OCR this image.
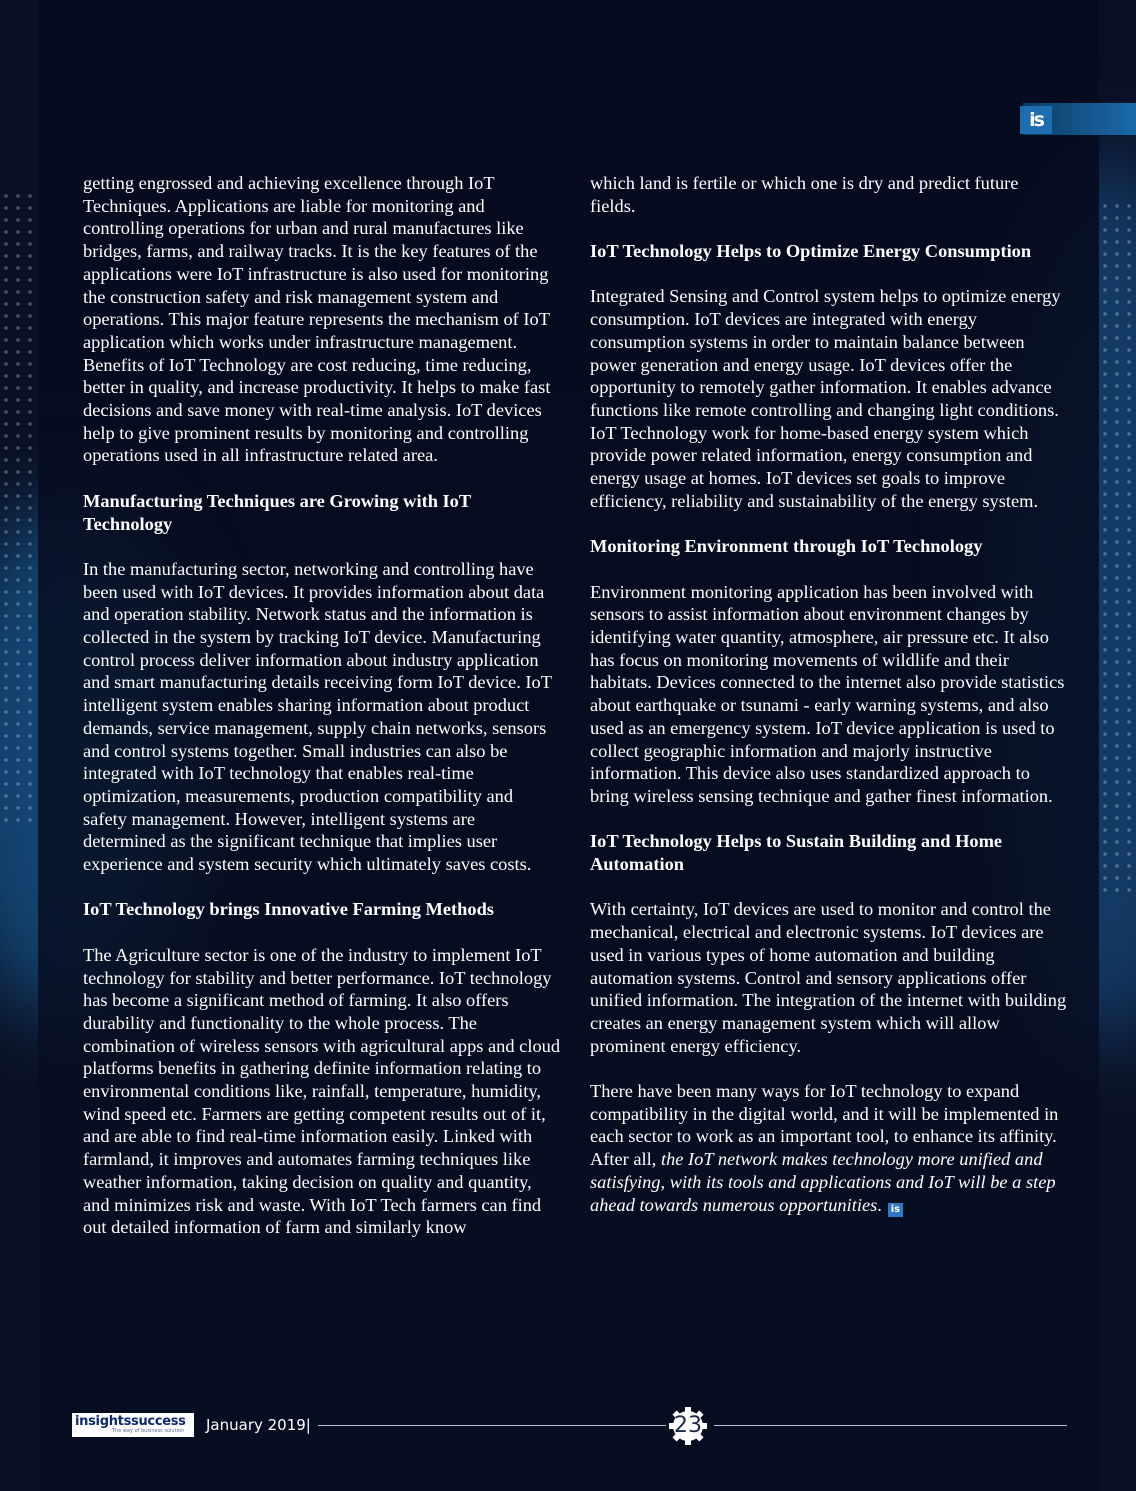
is

getting engrossed and achieving excellence through IoT Techniques. Applications are liable for monitoring and controlling operations for urban and rural manufactures like bridges, farms, and railway tracks. It is the key features of the applications were IoT infrastructure is also used for monitoring the construction safety and risk management system and operations. This major feature represents the mechanism of IoT application which works under infrastructure management. Benefits of IoT Technology are cost reducing, time reducing, better in quality, and increase productivity. It helps to make fast decisions and save money with real-time analysis. IoT devices help to give prominent results by monitoring and controlling operations used in all infrastructure related area.

Manufacturing Techniques are Growing with IoT Technology

In the manufacturing sector, networking and controlling have been used with IoT devices. It provides information about data and operation stability. Network status and the information is collected in the system by tracking IoT device. Manufacturing control process deliver information about industry application and smart manufacturing details receiving form IoT device. IoT intelligent system enables sharing information about product demands, service management, supply chain networks, sensors and control systems together. Small industries can also be integrated with IoT technology that enables real-time optimization, measurements, production compatibility and safety management. However, intelligent systems are determined as the significant technique that implies user experience and system security which ultimately saves costs.

IoT Technology brings Innovative Farming Methods

The Agriculture sector is one of the industry to implement IoT technology for stability and better performance. IoT technology has become a significant method of farming. It also offers durability and functionality to the whole process. The combination of wireless sensors with agricultural apps and cloud platforms benefits in gathering definite information relating to environmental conditions like, rainfall, temperature, humidity, wind speed etc. Farmers are getting competent results out of it, and are able to find real-time information easily. Linked with farmland, it improves and automates farming techniques like weather information, taking decision on quality and quantity, and minimizes risk and waste. With IoT Tech farmers can find out detailed information of farm and similarly know

which land is fertile or which one is dry and predict future fields.

IoT Technology Helps to Optimize Energy Consumption

Integrated Sensing and Control system helps to optimize energy consumption. IoT devices are integrated with energy consumption systems in order to maintain balance between power generation and energy usage. IoT devices offer the opportunity to remotely gather information. It enables advance functions like remote controlling and changing light conditions. IoT Technology work for home-based energy system which provide power related information, energy consumption and energy usage at homes. IoT devices set goals to improve efficiency, reliability and sustainability of the energy system.

Monitoring Environment through IoT Technology

Environment monitoring application has been involved with sensors to assist information about environment changes by identifying water quantity, atmosphere, air pressure etc. It also has focus on monitoring movements of wildlife and their habitats. Devices connected to the internet also provide statistics about earthquake or tsunami - early warning systems, and also used as an emergency system. IoT device application is used to collect geographic information and majorly instructive information. This device also uses standardized approach to bring wireless sensing technique and gather finest information.

IoT Technology Helps to Sustain Building and Home Automation

With certainty, IoT devices are used to monitor and control the mechanical, electrical and electronic systems. IoT devices are used in various types of home automation and building automation systems. Control and sensory applications offer unified information. The integration of the internet with building creates an energy management system which will allow prominent energy efficiency.

There have been many ways for IoT technology to expand compatibility in the digital world, and it will be implemented in each sector to work as an important tool, to enhance its affinity. After all, the IoT network makes technology more unified and satisfying, with its tools and applications and IoT will be a step ahead towards numerous opportunities. is

insightssuccess
The way of business solution January 2019|	23
